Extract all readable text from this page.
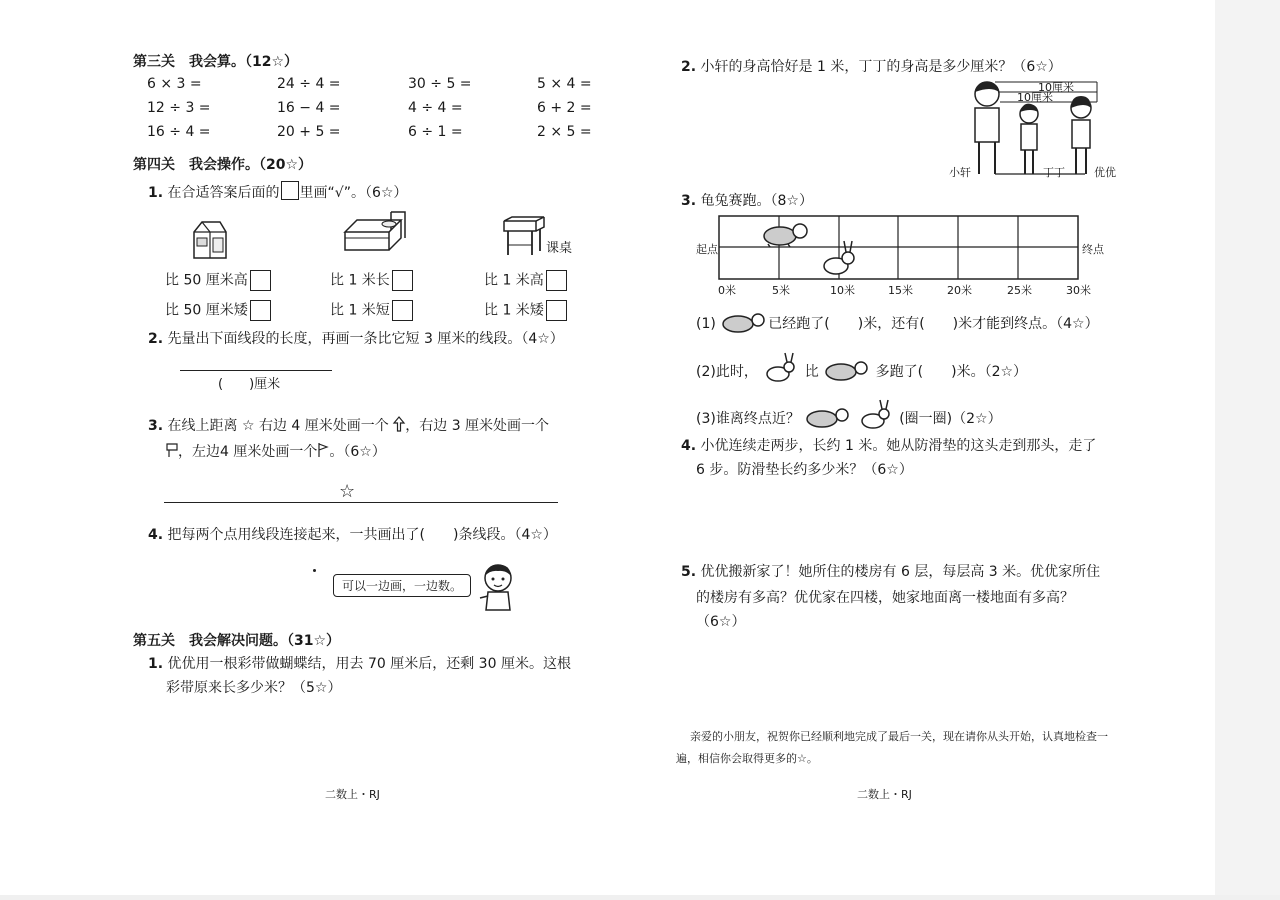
第三关　我会算。（12☆）
6 × 3 =	24 ÷ 4 =	30 ÷ 5 =	5 × 4 =
12 ÷ 3 =	16 − 4 =	4 ÷ 4 =	6 + 2 =
16 ÷ 4 =	20 + 5 =	6 ÷ 1 =	2 × 5 =
第四关　我会操作。（20☆）
1. 在合适答案后面的 里画“√”。（6☆）
课桌
比 50 厘米高	比 1 米长	比 1 米高
比 50 厘米矮	比 1 米短	比 1 米矮
2. 先量出下面线段的长度，再画一条比它短 3 厘米的线段。（4☆）
(　　)厘米
3. 在线上距离 ☆ 右边 4 厘米处画一个 ，右边 3 厘米处画一个
，左边4 厘米处画一个 。（6☆）
☆
4. 把每两个点用线段连接起来，一共画出了(　　)条线段。（4☆）
可以一边画，一边数。
第五关　我会解决问题。（31☆）
1. 优优用一根彩带做蝴蝶结，用去 70 厘米后，还剩 30 厘米。这根
彩带原来长多少米？（5☆）
二数上・RJ
2. 小轩的身高恰好是 1 米，丁丁的身高是多少厘米？（6☆）
10厘米
10厘米
小轩	丁丁	优优
3. 龟兔赛跑。（8☆）
起点	终点
0米	5米	10米	15米	20米	25米	30米
(1)	已经跑了(　　)米，还有(　　)米才能到终点。（4☆）
(2)此时，	比	多跑了(　　)米。（2☆）
(3)谁离终点近？	(圈一圈)（2☆）
4. 小优连续走两步，长约 1 米。她从防滑垫的这头走到那头，走了
6 步。防滑垫长约多少米？（6☆）
5. 优优搬新家了！她所住的楼房有 6 层，每层高 3 米。优优家所住
的楼房有多高？优优家在四楼，她家地面离一楼地面有多高？
（6☆）
亲爱的小朋友，祝贺你已经顺利地完成了最后一关，现在请你从头开始，认真地检查一
遍，相信你会取得更多的☆。
二数上・RJ
